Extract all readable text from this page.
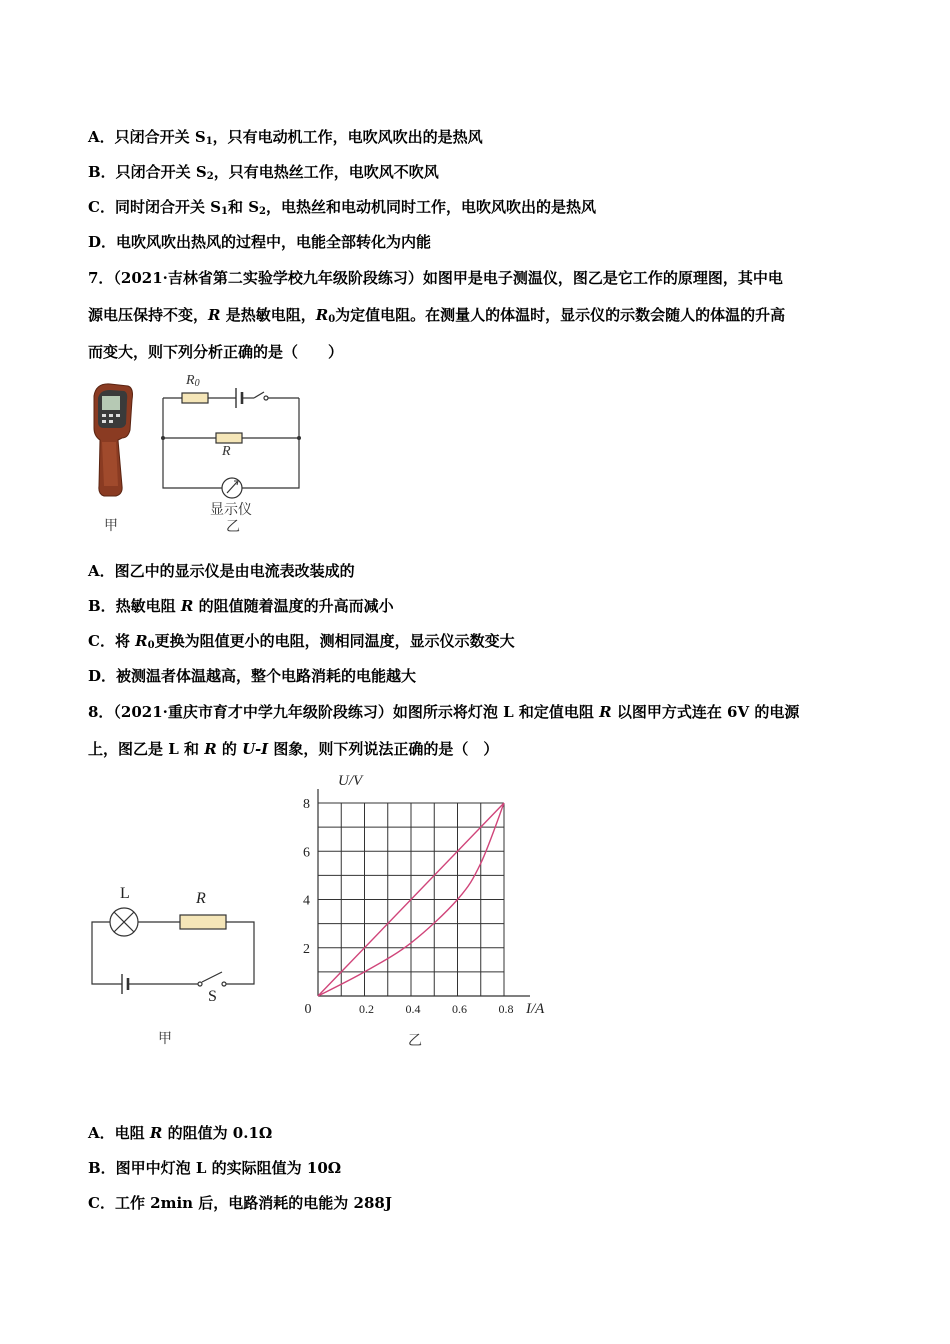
A．只闭合开关 $S_1$，只有电动机工作，电吹风吹出的是热风
B．只闭合开关 $S_2$，只有电热丝工作，电吹风不吹风
C．同时闭合开关 $S_1$和 $S_2$，电热丝和电动机同时工作，电吹风吹出的是热风
D．电吹风吹出热风的过程中，电能全部转化为内能
7．（2021·吉林省第二实验学校九年级阶段练习）如图甲是电子测温仪，图乙是它工作的原理图，其中电
源电压保持不变，R 是热敏电阻，$R_0$为定值电阻。在测量人的体温时，显示仪的示数会随人的体温的升高
而变大，则下列分析正确的是（　　）
甲
$R_0$
R
显示仪
乙
A．图乙中的显示仪是由电流表改装成的
B．热敏电阻 R 的阻值随着温度的升高而减小
C．将 $R_0$更换为阻值更小的电阻，测相同温度，显示仪示数变大
D．被测温者体温越高，整个电路消耗的电能越大
8．（2021·重庆市育才中学九年级阶段练习）如图所示将灯泡 L 和定值电阻 R 以图甲方式连在 6V 的电源
上，图乙是 L 和 R 的 U-I 图象，则下列说法正确的是（　）
L	R
S
甲
U/V
I/A
2
4
6
8
0.2	0.4	0.6	0.8
0
乙
A．电阻 R 的阻值为 0.1Ω
B．图甲中灯泡 L 的实际阻值为 10Ω
C．工作 2min 后，电路消耗的电能为 288J
